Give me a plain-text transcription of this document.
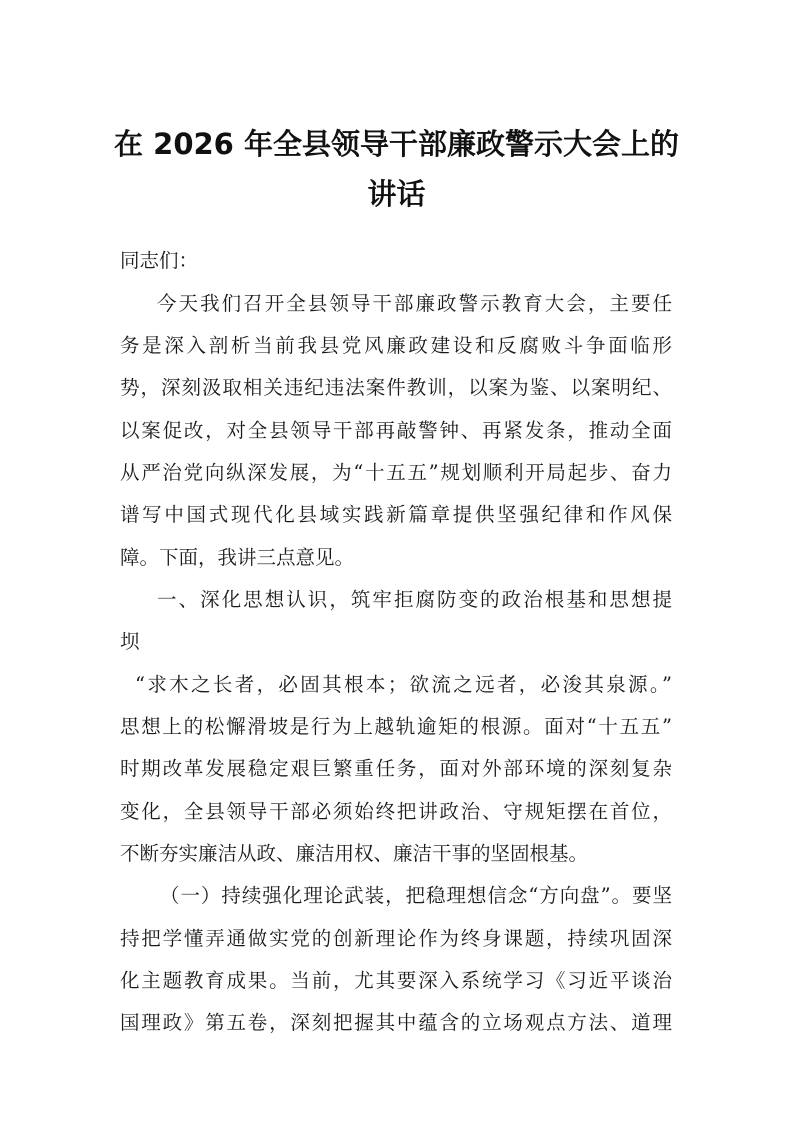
在 2026 年全县领导干部廉政警示大会上的
讲话

同志们：

今天我们召开全县领导干部廉政警示教育大会，主要任

务是深入剖析当前我县党风廉政建设和反腐败斗争面临形

势，深刻汲取相关违纪违法案件教训，以案为鉴、以案明纪、

以案促改，对全县领导干部再敲警钟、再紧发条，推动全面

从严治党向纵深发展，为“十五五”规划顺利开局起步、奋力

谱写中国式现代化县域实践新篇章提供坚强纪律和作风保

障。下面，我讲三点意见。

一、深化思想认识，筑牢拒腐防变的政治根基和思想提

坝

“求木之长者，必固其根本；欲流之远者，必浚其泉源。”

思想上的松懈滑坡是行为上越轨逾矩的根源。面对“十五五”

时期改革发展稳定艰巨繁重任务，面对外部环境的深刻复杂

变化，全县领导干部必须始终把讲政治、守规矩摆在首位，

不断夯实廉洁从政、廉洁用权、廉洁干事的坚固根基。

（一）持续强化理论武装，把稳理想信念“方向盘”。要坚

持把学懂弄通做实党的创新理论作为终身课题，持续巩固深

化主题教育成果。当前，尤其要深入系统学习《习近平谈治

国理政》第五卷，深刻把握其中蕴含的立场观点方法、道理
